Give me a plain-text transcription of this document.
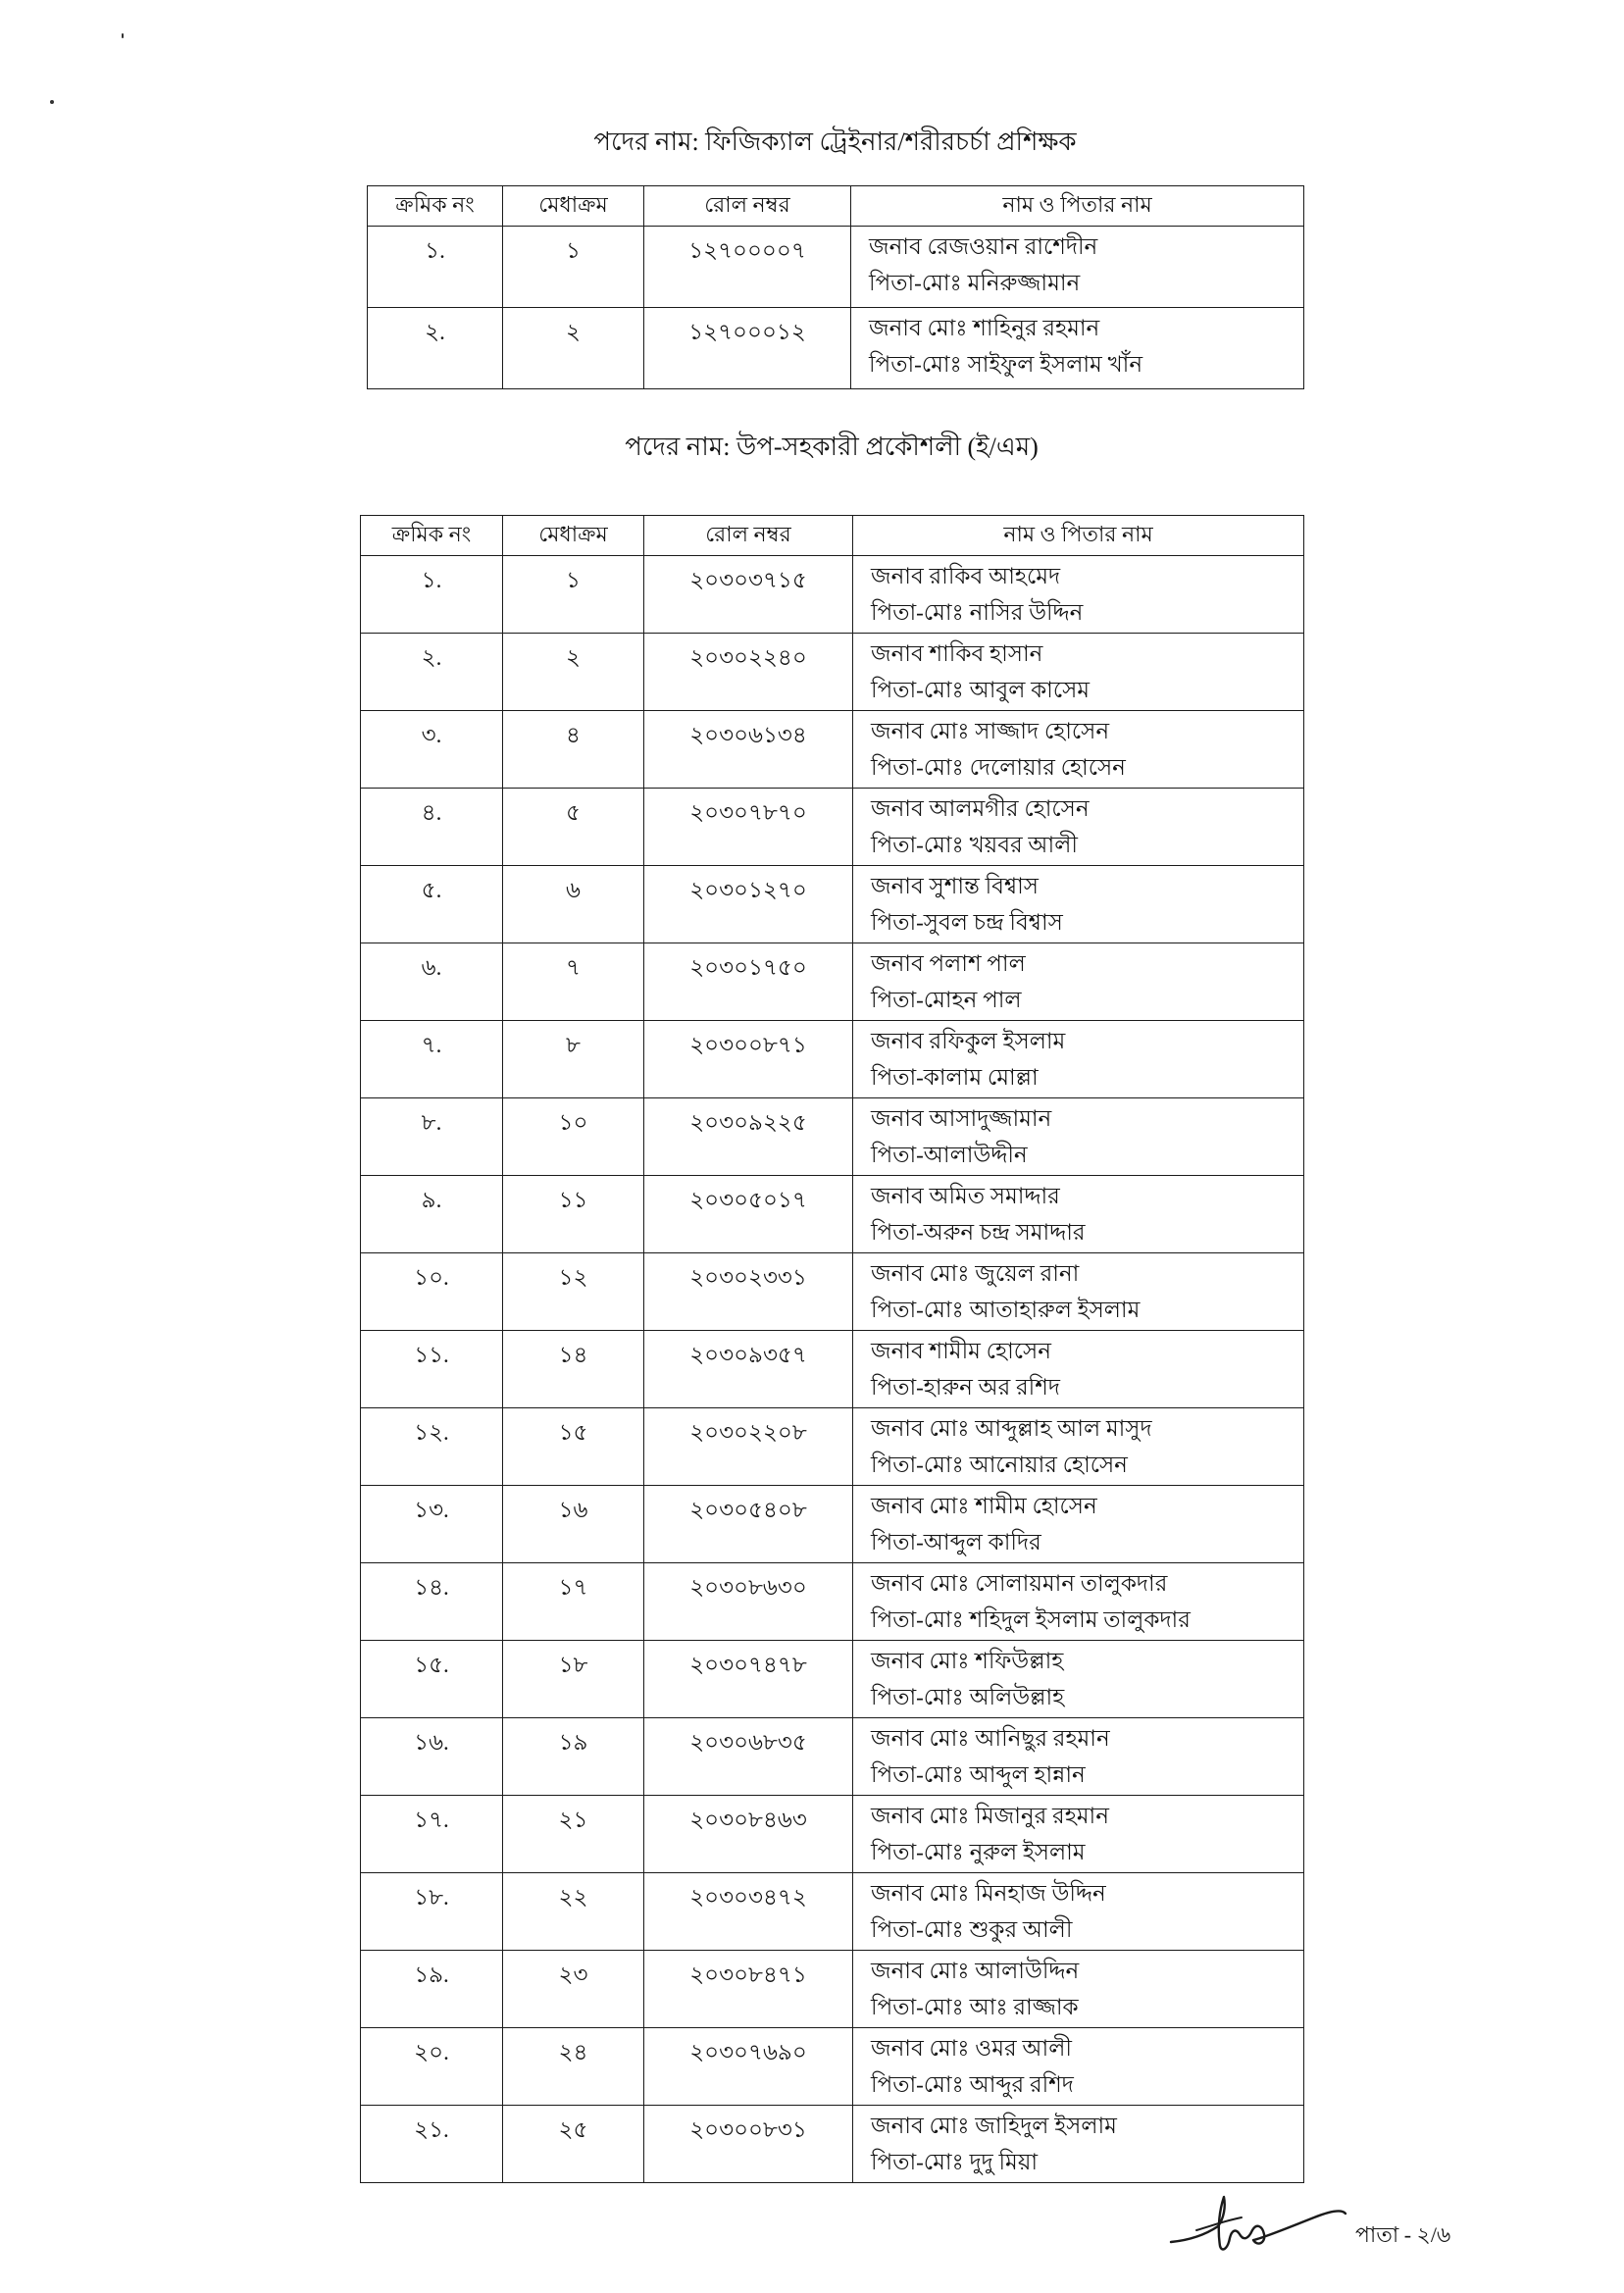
পদের নাম: ফিজিক্যাল ট্রেইনার/শরীরচর্চা প্রশিক্ষক
ক্রমিক নং	মেধাক্রম	রোল নম্বর	নাম ও পিতার নাম
১.	১	১২৭০০০০৭	জনাব রেজওয়ান রাশেদীন
পিতা-মোঃ মনিরুজ্জামান

২.	২	১২৭০০০১২	জনাব মোঃ শাহিনুর রহমান
পিতা-মোঃ সাইফুল ইসলাম খাঁন
পদের নাম: উপ-সহকারী প্রকৌশলী (ই/এম)
ক্রমিক নং	মেধাক্রম	রোল নম্বর	নাম ও পিতার নাম
১.	১	২০৩০৩৭১৫	জনাব রাকিব আহমেদ
পিতা-মোঃ নাসির উদ্দিন

২.	২	২০৩০২২৪০	জনাব শাকিব হাসান
পিতা-মোঃ আবুল কাসেম

৩.	৪	২০৩০৬১৩৪	জনাব মোঃ সাজ্জাদ হোসেন
পিতা-মোঃ দেলোয়ার হোসেন

৪.	৫	২০৩০৭৮৭০	জনাব আলমগীর হোসেন
পিতা-মোঃ খয়বর আলী

৫.	৬	২০৩০১২৭০	জনাব সুশান্ত বিশ্বাস
পিতা-সুবল চন্দ্র বিশ্বাস

৬.	৭	২০৩০১৭৫০	জনাব পলাশ পাল
পিতা-মোহন পাল

৭.	৮	২০৩০০৮৭১	জনাব রফিকুল ইসলাম
পিতা-কালাম মোল্লা

৮.	১০	২০৩০৯২২৫	জনাব আসাদুজ্জামান
পিতা-আলাউদ্দীন

৯.	১১	২০৩০৫০১৭	জনাব অমিত সমাদ্দার
পিতা-অরুন চন্দ্র সমাদ্দার

১০.	১২	২০৩০২৩৩১	জনাব মোঃ জুয়েল রানা
পিতা-মোঃ আতাহারুল ইসলাম

১১.	১৪	২০৩০৯৩৫৭	জনাব শামীম হোসেন
পিতা-হারুন অর রশিদ

১২.	১৫	২০৩০২২০৮	জনাব মোঃ আব্দুল্লাহ আল মাসুদ
পিতা-মোঃ আনোয়ার হোসেন

১৩.	১৬	২০৩০৫৪০৮	জনাব মোঃ শামীম হোসেন
পিতা-আব্দুল কাদির

১৪.	১৭	২০৩০৮৬৩০	জনাব মোঃ সোলায়মান তালুকদার
পিতা-মোঃ শহিদুল ইসলাম তালুকদার

১৫.	১৮	২০৩০৭৪৭৮	জনাব মোঃ শফিউল্লাহ
পিতা-মোঃ অলিউল্লাহ

১৬.	১৯	২০৩০৬৮৩৫	জনাব মোঃ আনিছুর রহমান
পিতা-মোঃ আব্দুল হান্নান

১৭.	২১	২০৩০৮৪৬৩	জনাব মোঃ মিজানুর রহমান
পিতা-মোঃ নুরুল ইসলাম

১৮.	২২	২০৩০৩৪৭২	জনাব মোঃ মিনহাজ উদ্দিন
পিতা-মোঃ শুকুর আলী

১৯.	২৩	২০৩০৮৪৭১	জনাব মোঃ আলাউদ্দিন
পিতা-মোঃ আঃ রাজ্জাক

২০.	২৪	২০৩০৭৬৯০	জনাব মোঃ ওমর আলী
পিতা-মোঃ আব্দুর রশিদ

২১.	২৫	২০৩০০৮৩১	জনাব মোঃ জাহিদুল ইসলাম
পিতা-মোঃ দুদু মিয়া
পাতা - ২/৬
